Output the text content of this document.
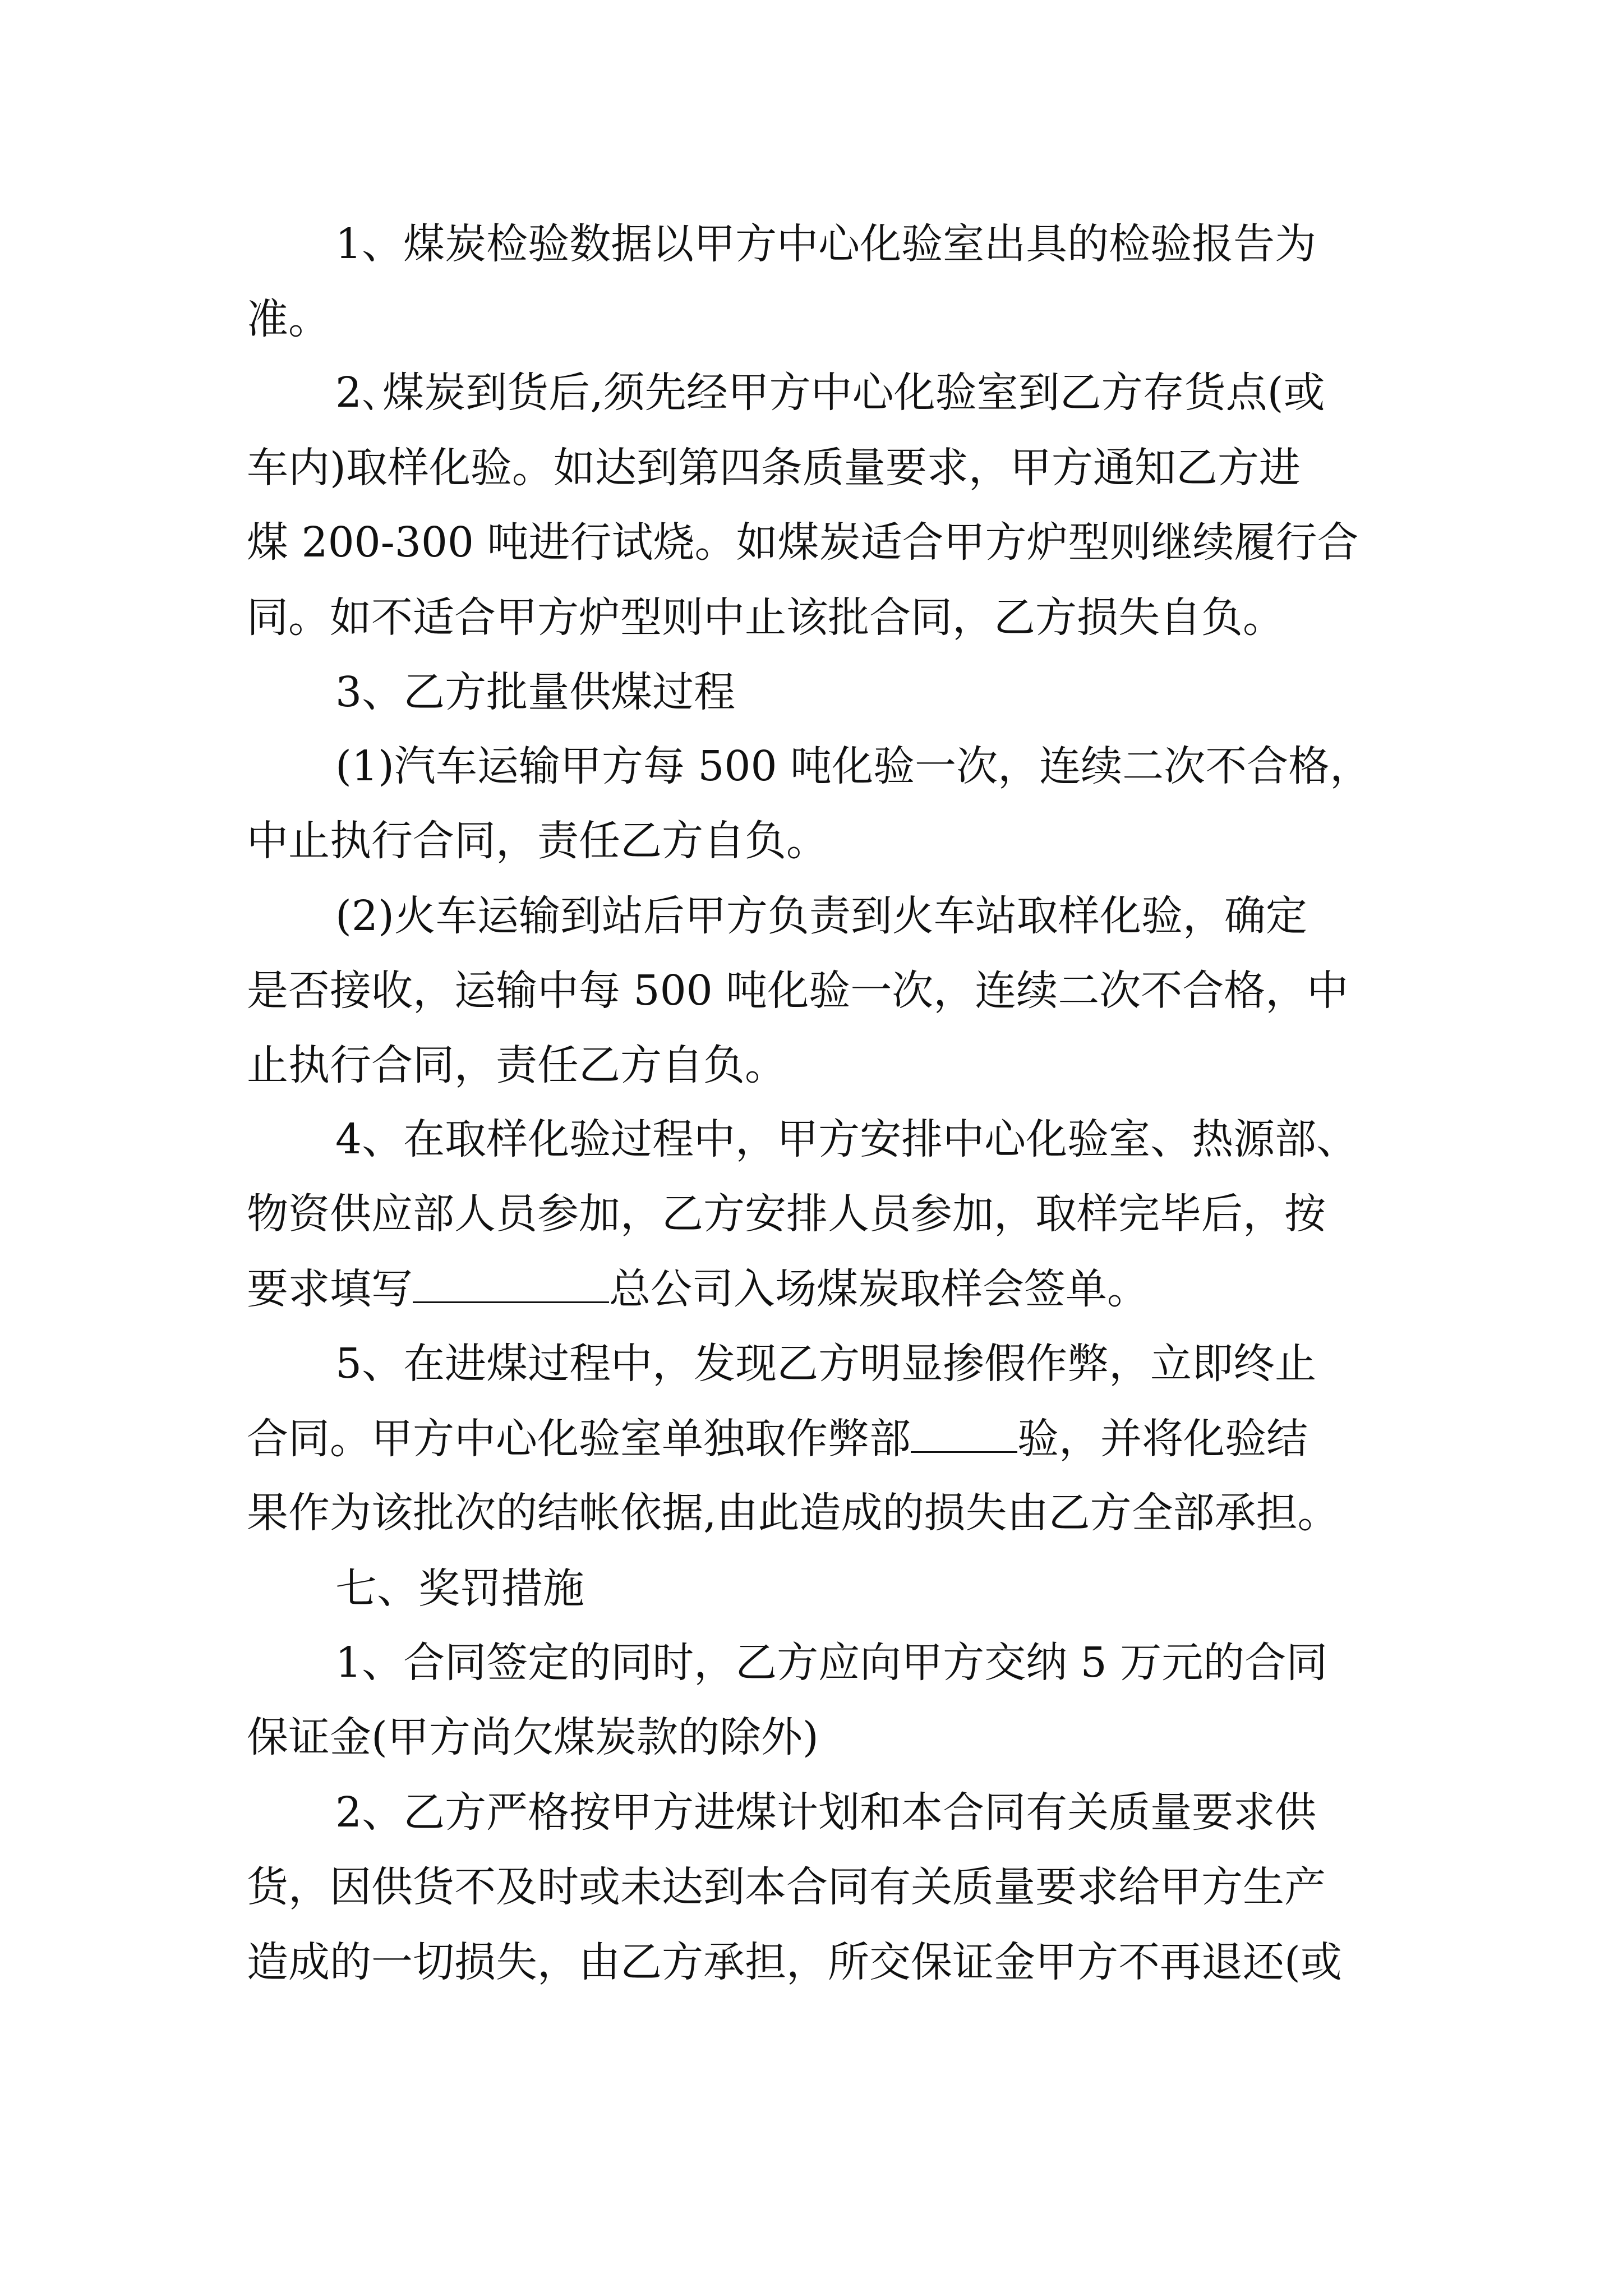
1、煤炭检验数据以甲方中心化验室出具的检验报告为
准。
2､煤炭到货后,须先经甲方中心化验室到乙方存货点(或
车内)取样化验。如达到第四条质量要求，甲方通知乙方进
煤 200-300 吨进行试烧。如煤炭适合甲方炉型则继续履行合
同。如不适合甲方炉型则中止该批合同，乙方损失自负。
3、乙方批量供煤过程
(1)汽车运输甲方每 500 吨化验一次，连续二次不合格，
中止执行合同，责任乙方自负。
(2)火车运输到站后甲方负责到火车站取样化验，确定
是否接收，运输中每 500 吨化验一次，连续二次不合格，中
止执行合同，责任乙方自负。
4、在取样化验过程中，甲方安排中心化验室、热源部、
物资供应部人员参加，乙方安排人员参加，取样完毕后，按
要求填写	总公司入场煤炭取样会签单。
5、在进煤过程中，发现乙方明显掺假作弊，立即终止
合同。甲方中心化验室单独取作弊部	验，并将化验结
果作为该批次的结帐依据,由此造成的损失由乙方全部承担。
七、奖罚措施
1、合同签定的同时，乙方应向甲方交纳 5 万元的合同
保证金(甲方尚欠煤炭款的除外)
2、乙方严格按甲方进煤计划和本合同有关质量要求供
货，因供货不及时或未达到本合同有关质量要求给甲方生产
造成的一切损失，由乙方承担，所交保证金甲方不再退还(或
